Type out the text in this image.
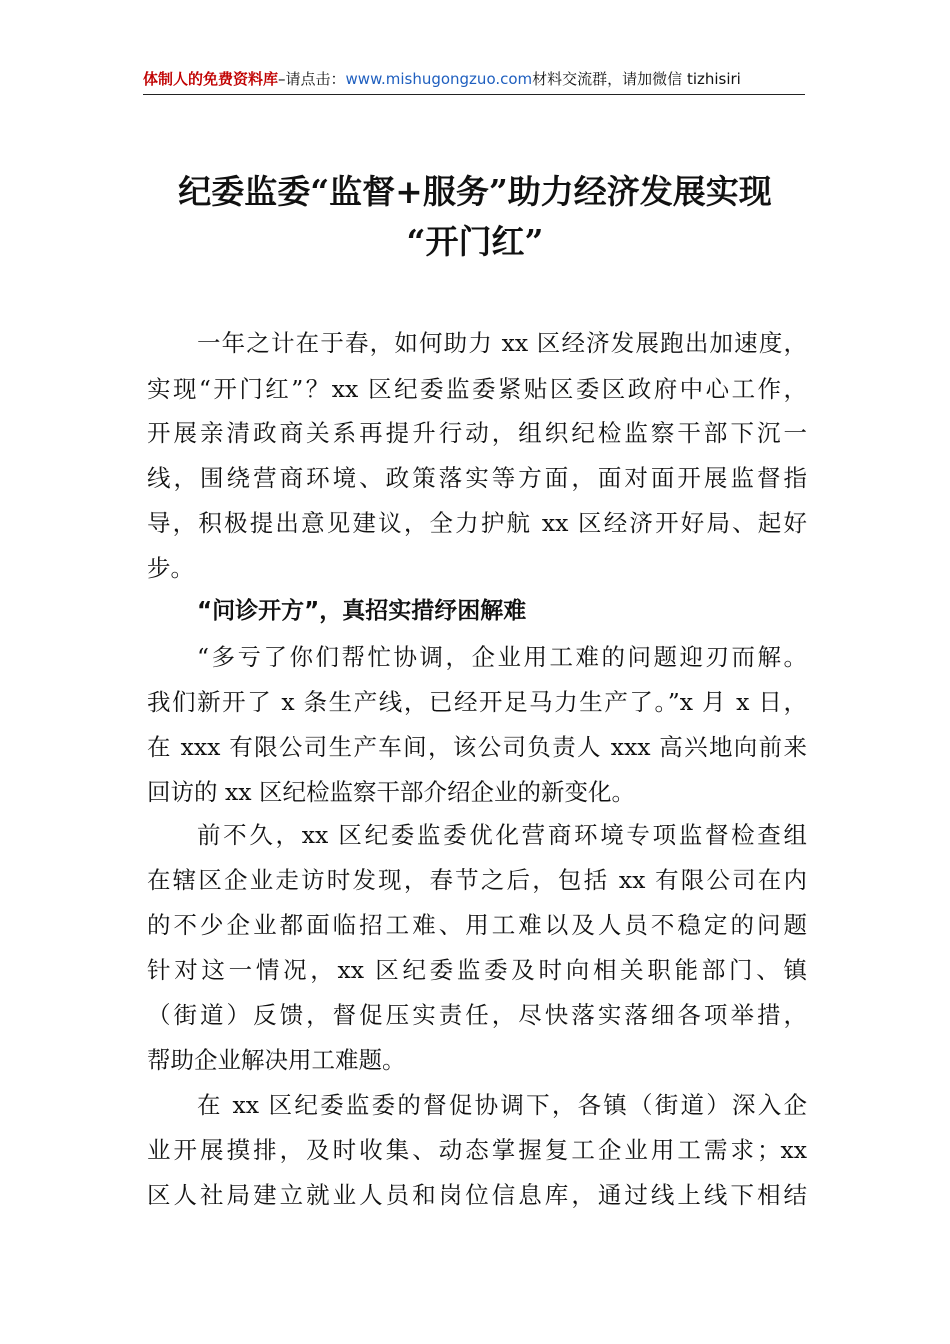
体制人的免费资料库–请点击：www.mishugongzuo.com材料交流群，请加微信 tizhisiri
纪委监委“监督+服务”助力经济发展实现
“开门红”
一年之计在于春，如何助力 xx 区经济发展跑出加速度，
实现“开门红”？xx 区纪委监委紧贴区委区政府中心工作，
开展亲清政商关系再提升行动，组织纪检监察干部下沉一
线，围绕营商环境、政策落实等方面，面对面开展监督指
导，积极提出意见建议，全力护航 xx 区经济开好局、起好
步。
“问诊开方”，真招实措纾困解难
“多亏了你们帮忙协调，企业用工难的问题迎刃而解。
我们新开了 x 条生产线，已经开足马力生产了。”x 月 x 日，
在 xxx 有限公司生产车间，该公司负责人 xxx 高兴地向前来
回访的 xx 区纪检监察干部介绍企业的新变化。
前不久，xx 区纪委监委优化营商环境专项监督检查组
在辖区企业走访时发现，春节之后，包括 xx 有限公司在内
的不少企业都面临招工难、用工难以及人员不稳定的问题
针对这一情况，xx 区纪委监委及时向相关职能部门、镇
（街道）反馈，督促压实责任，尽快落实落细各项举措，
帮助企业解决用工难题。
在 xx 区纪委监委的督促协调下，各镇（街道）深入企
业开展摸排，及时收集、动态掌握复工企业用工需求；xx
区人社局建立就业人员和岗位信息库，通过线上线下相结
